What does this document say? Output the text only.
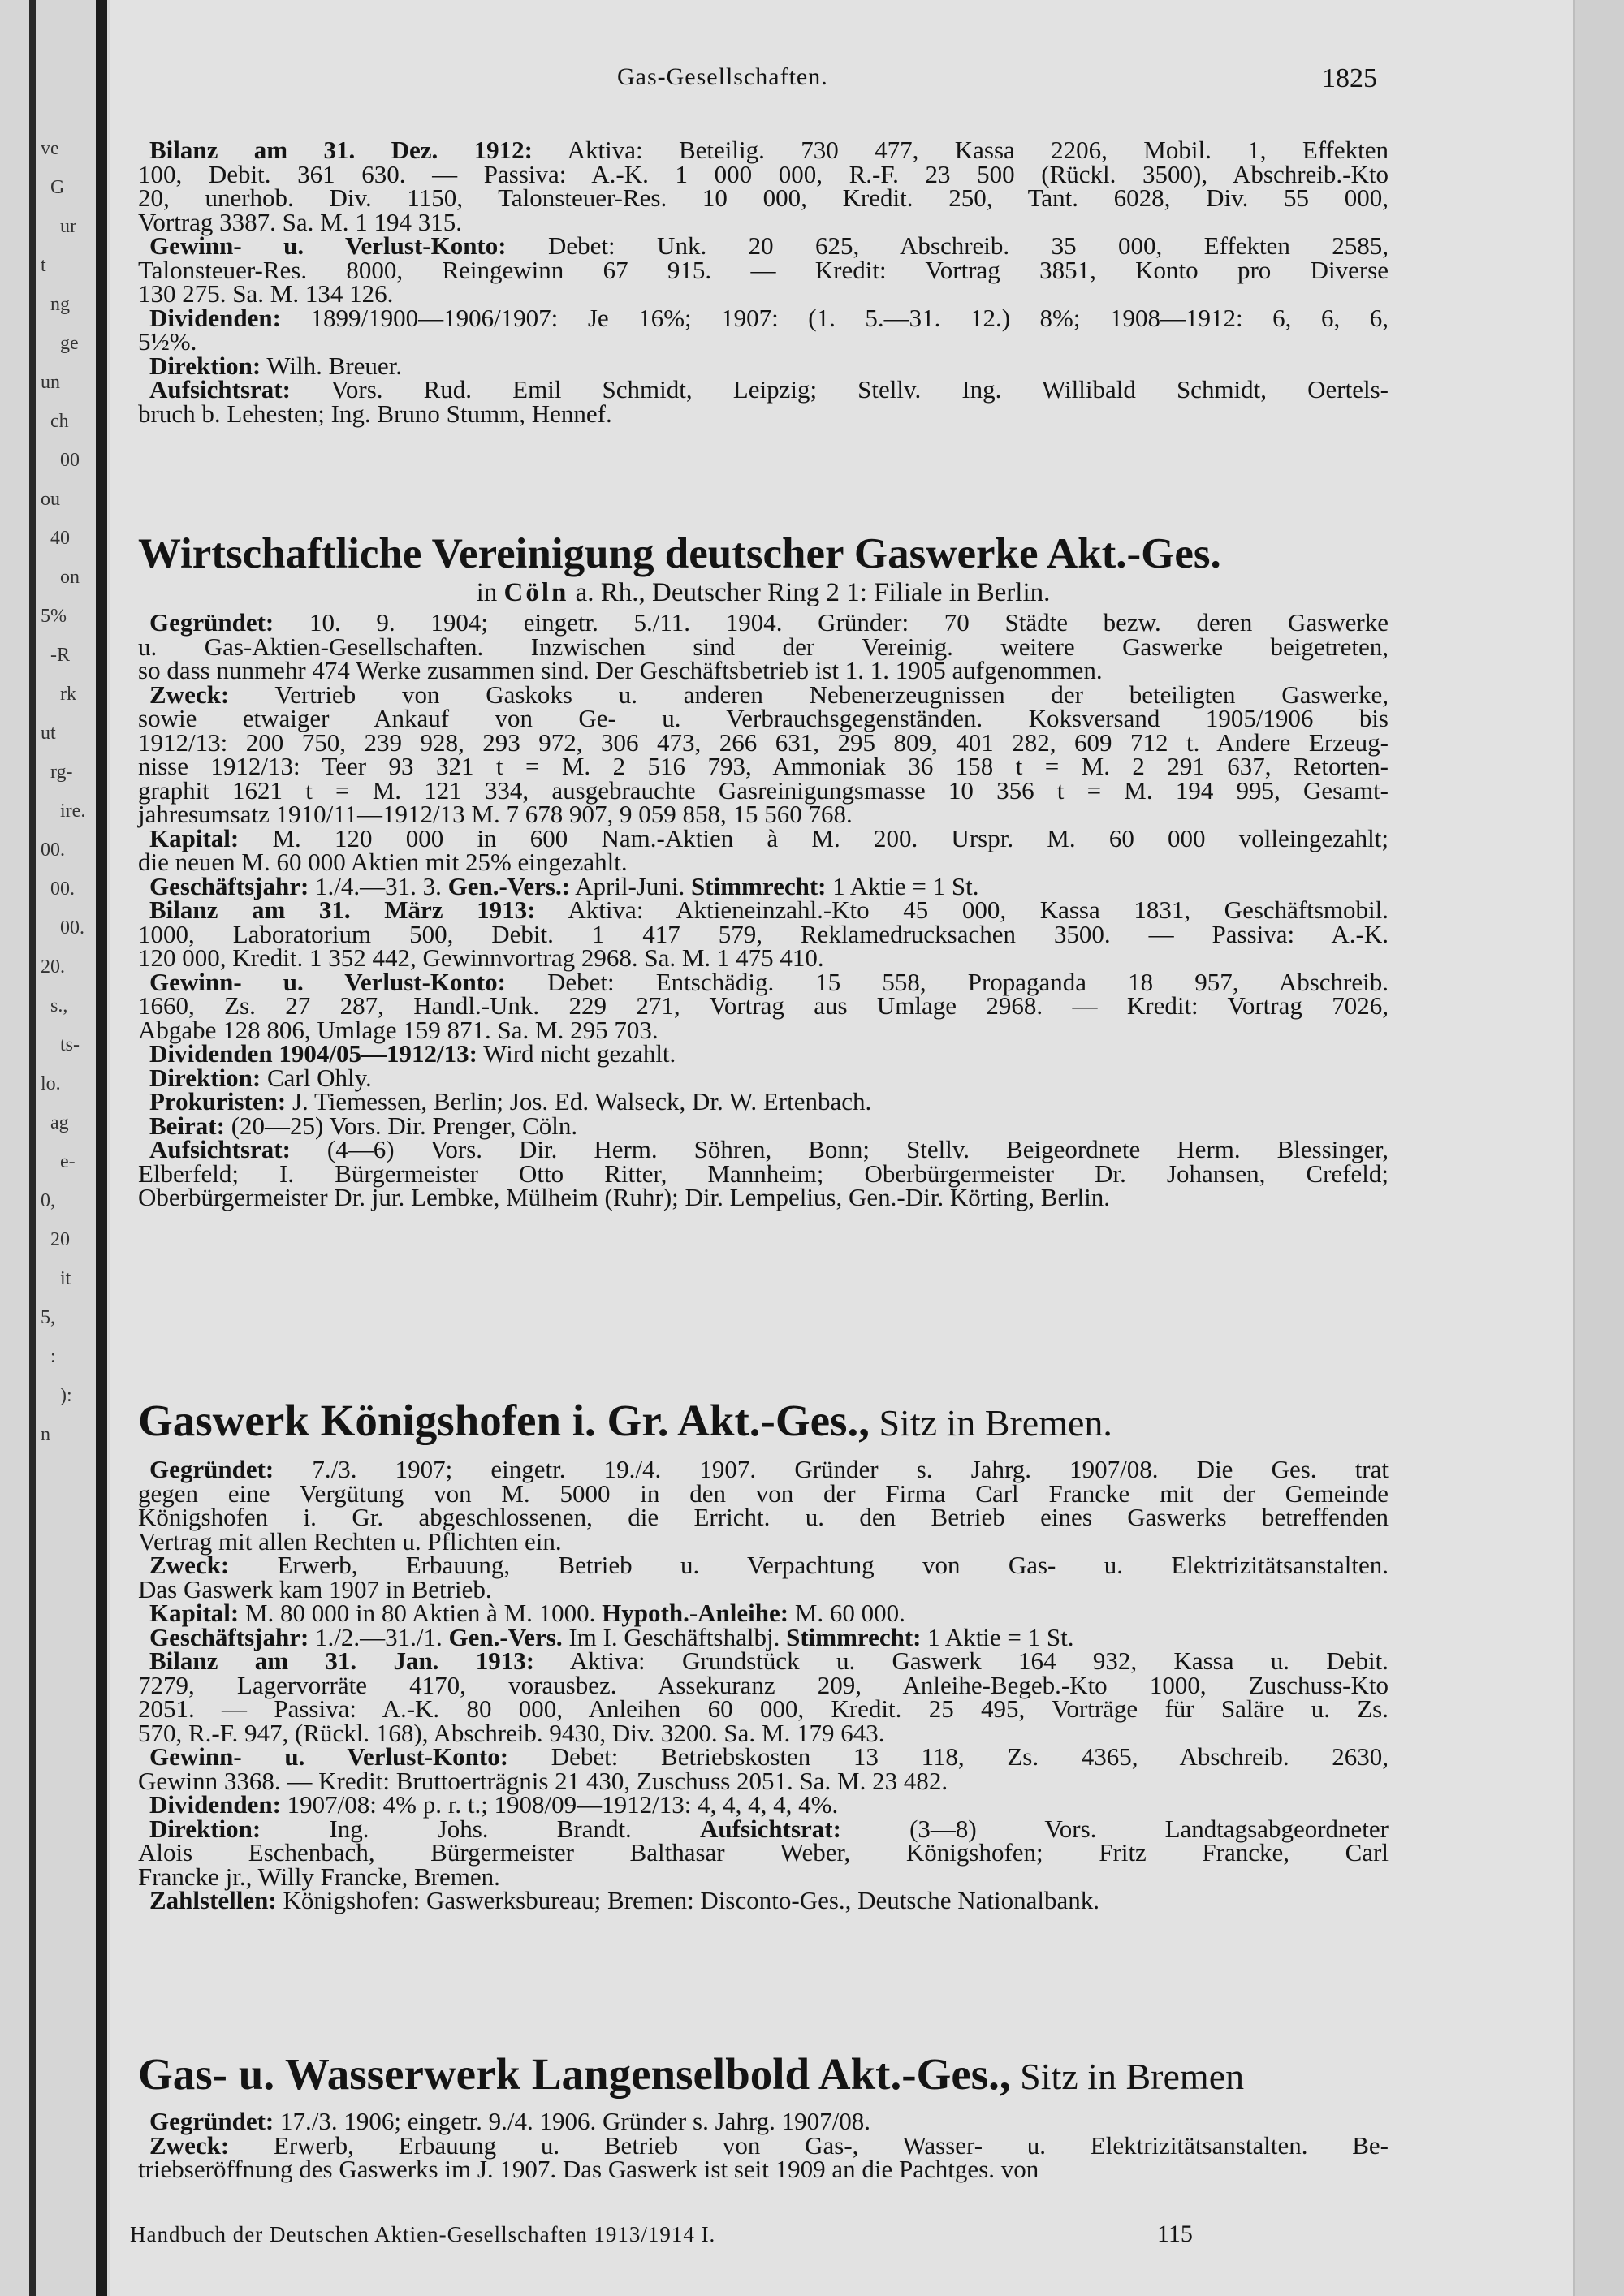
ve
G
ur
t
ng
ge
un
ch
00
ou
40
on
5%
-R
rk
ut
rg-
ire.
00.
00.
00.
20.
s.,
ts-
lo.
ag
e-
0,
20
it
5,
:
):
n
Gas-Gesellschaften.	1825
Bilanz am 31. Dez. 1912: Aktiva: Beteilig. 730 477, Kassa 2206, Mobil. 1, Effekten
100, Debit. 361 630. — Passiva: A.-K. 1 000 000, R.-F. 23 500 (Rückl. 3500), Abschreib.-Kto
20, unerhob. Div. 1150, Talonsteuer-Res. 10 000, Kredit. 250, Tant. 6028, Div. 55 000,
Vortrag 3387. Sa. M. 1 194 315.
Gewinn- u. Verlust-Konto: Debet: Unk. 20 625, Abschreib. 35 000, Effekten 2585,
Talonsteuer-Res. 8000, Reingewinn 67 915. — Kredit: Vortrag 3851, Konto pro Diverse
130 275. Sa. M. 134 126.
Dividenden: 1899/1900—1906/1907: Je 16%; 1907: (1. 5.—31. 12.) 8%; 1908—1912: 6, 6, 6,
5½%.
Direktion: Wilh. Breuer.
Aufsichtsrat: Vors. Rud. Emil Schmidt, Leipzig; Stellv. Ing. Willibald Schmidt, Oertels-
bruch b. Lehesten; Ing. Bruno Stumm, Hennef.
Wirtschaftliche Vereinigung deutscher Gaswerke Akt.-Ges.
in Cöln a. Rh., Deutscher Ring 2 1: Filiale in Berlin.
Gegründet: 10. 9. 1904; eingetr. 5./11. 1904. Gründer: 70 Städte bezw. deren Gaswerke
u. Gas-Aktien-Gesellschaften. Inzwischen sind der Vereinig. weitere Gaswerke beigetreten,
so dass nunmehr 474 Werke zusammen sind. Der Geschäftsbetrieb ist 1. 1. 1905 aufgenommen.
Zweck: Vertrieb von Gaskoks u. anderen Nebenerzeugnissen der beteiligten Gaswerke,
sowie etwaiger Ankauf von Ge- u. Verbrauchsgegenständen. Koksversand 1905/1906 bis
1912/13: 200 750, 239 928, 293 972, 306 473, 266 631, 295 809, 401 282, 609 712 t. Andere Erzeug-
nisse 1912/13: Teer 93 321 t = M. 2 516 793, Ammoniak 36 158 t = M. 2 291 637, Retorten-
graphit 1621 t = M. 121 334, ausgebrauchte Gasreinigungsmasse 10 356 t = M. 194 995, Gesamt-
jahresumsatz 1910/11—1912/13 M. 7 678 907, 9 059 858, 15 560 768.
Kapital: M. 120 000 in 600 Nam.-Aktien à M. 200. Urspr. M. 60 000 volleingezahlt;
die neuen M. 60 000 Aktien mit 25% eingezahlt.
Geschäftsjahr: 1./4.—31. 3. Gen.-Vers.: April-Juni. Stimmrecht: 1 Aktie = 1 St.
Bilanz am 31. März 1913: Aktiva: Aktieneinzahl.-Kto 45 000, Kassa 1831, Geschäftsmobil.
1000, Laboratorium 500, Debit. 1 417 579, Reklamedrucksachen 3500. — Passiva: A.-K.
120 000, Kredit. 1 352 442, Gewinnvortrag 2968. Sa. M. 1 475 410.
Gewinn- u. Verlust-Konto: Debet: Entschädig. 15 558, Propaganda 18 957, Abschreib.
1660, Zs. 27 287, Handl.-Unk. 229 271, Vortrag aus Umlage 2968. — Kredit: Vortrag 7026,
Abgabe 128 806, Umlage 159 871. Sa. M. 295 703.
Dividenden 1904/05—1912/13: Wird nicht gezahlt.
Direktion: Carl Ohly.
Prokuristen: J. Tiemessen, Berlin; Jos. Ed. Walseck, Dr. W. Ertenbach.
Beirat: (20—25) Vors. Dir. Prenger, Cöln.
Aufsichtsrat: (4—6) Vors. Dir. Herm. Söhren, Bonn; Stellv. Beigeordnete Herm. Blessinger,
Elberfeld; I. Bürgermeister Otto Ritter, Mannheim; Oberbürgermeister Dr. Johansen, Crefeld;
Oberbürgermeister Dr. jur. Lembke, Mülheim (Ruhr); Dir. Lempelius, Gen.-Dir. Körting, Berlin.
Gaswerk Königshofen i. Gr. Akt.-Ges., Sitz in Bremen.
Gegründet: 7./3. 1907; eingetr. 19./4. 1907. Gründer s. Jahrg. 1907/08. Die Ges. trat
gegen eine Vergütung von M. 5000 in den von der Firma Carl Francke mit der Gemeinde
Königshofen i. Gr. abgeschlossenen, die Erricht. u. den Betrieb eines Gaswerks betreffenden
Vertrag mit allen Rechten u. Pflichten ein.
Zweck: Erwerb, Erbauung, Betrieb u. Verpachtung von Gas- u. Elektrizitätsanstalten.
Das Gaswerk kam 1907 in Betrieb.
Kapital: M. 80 000 in 80 Aktien à M. 1000. Hypoth.-Anleihe: M. 60 000.
Geschäftsjahr: 1./2.—31./1. Gen.-Vers. Im I. Geschäftshalbj. Stimmrecht: 1 Aktie = 1 St.
Bilanz am 31. Jan. 1913: Aktiva: Grundstück u. Gaswerk 164 932, Kassa u. Debit.
7279, Lagervorräte 4170, vorausbez. Assekuranz 209, Anleihe-Begeb.-Kto 1000, Zuschuss-Kto
2051. — Passiva: A.-K. 80 000, Anleihen 60 000, Kredit. 25 495, Vorträge für Saläre u. Zs.
570, R.-F. 947, (Rückl. 168), Abschreib. 9430, Div. 3200. Sa. M. 179 643.
Gewinn- u. Verlust-Konto: Debet: Betriebskosten 13 118, Zs. 4365, Abschreib. 2630,
Gewinn 3368. — Kredit: Bruttoerträgnis 21 430, Zuschuss 2051. Sa. M. 23 482.
Dividenden: 1907/08: 4% p. r. t.; 1908/09—1912/13: 4, 4, 4, 4, 4%.
Direktion: Ing. Johs. Brandt. Aufsichtsrat: (3—8) Vors. Landtagsabgeordneter
Alois Eschenbach, Bürgermeister Balthasar Weber, Königshofen; Fritz Francke, Carl
Francke jr., Willy Francke, Bremen.
Zahlstellen: Königshofen: Gaswerksbureau; Bremen: Disconto-Ges., Deutsche Nationalbank.
Gas- u. Wasserwerk Langenselbold Akt.-Ges., Sitz in Bremen
Gegründet: 17./3. 1906; eingetr. 9./4. 1906. Gründer s. Jahrg. 1907/08.
Zweck: Erwerb, Erbauung u. Betrieb von Gas-, Wasser- u. Elektrizitätsanstalten. Be-
triebseröffnung des Gaswerks im J. 1907. Das Gaswerk ist seit 1909 an die Pachtges. von
Handbuch der Deutschen Aktien-Gesellschaften 1913/1914 I.	115
